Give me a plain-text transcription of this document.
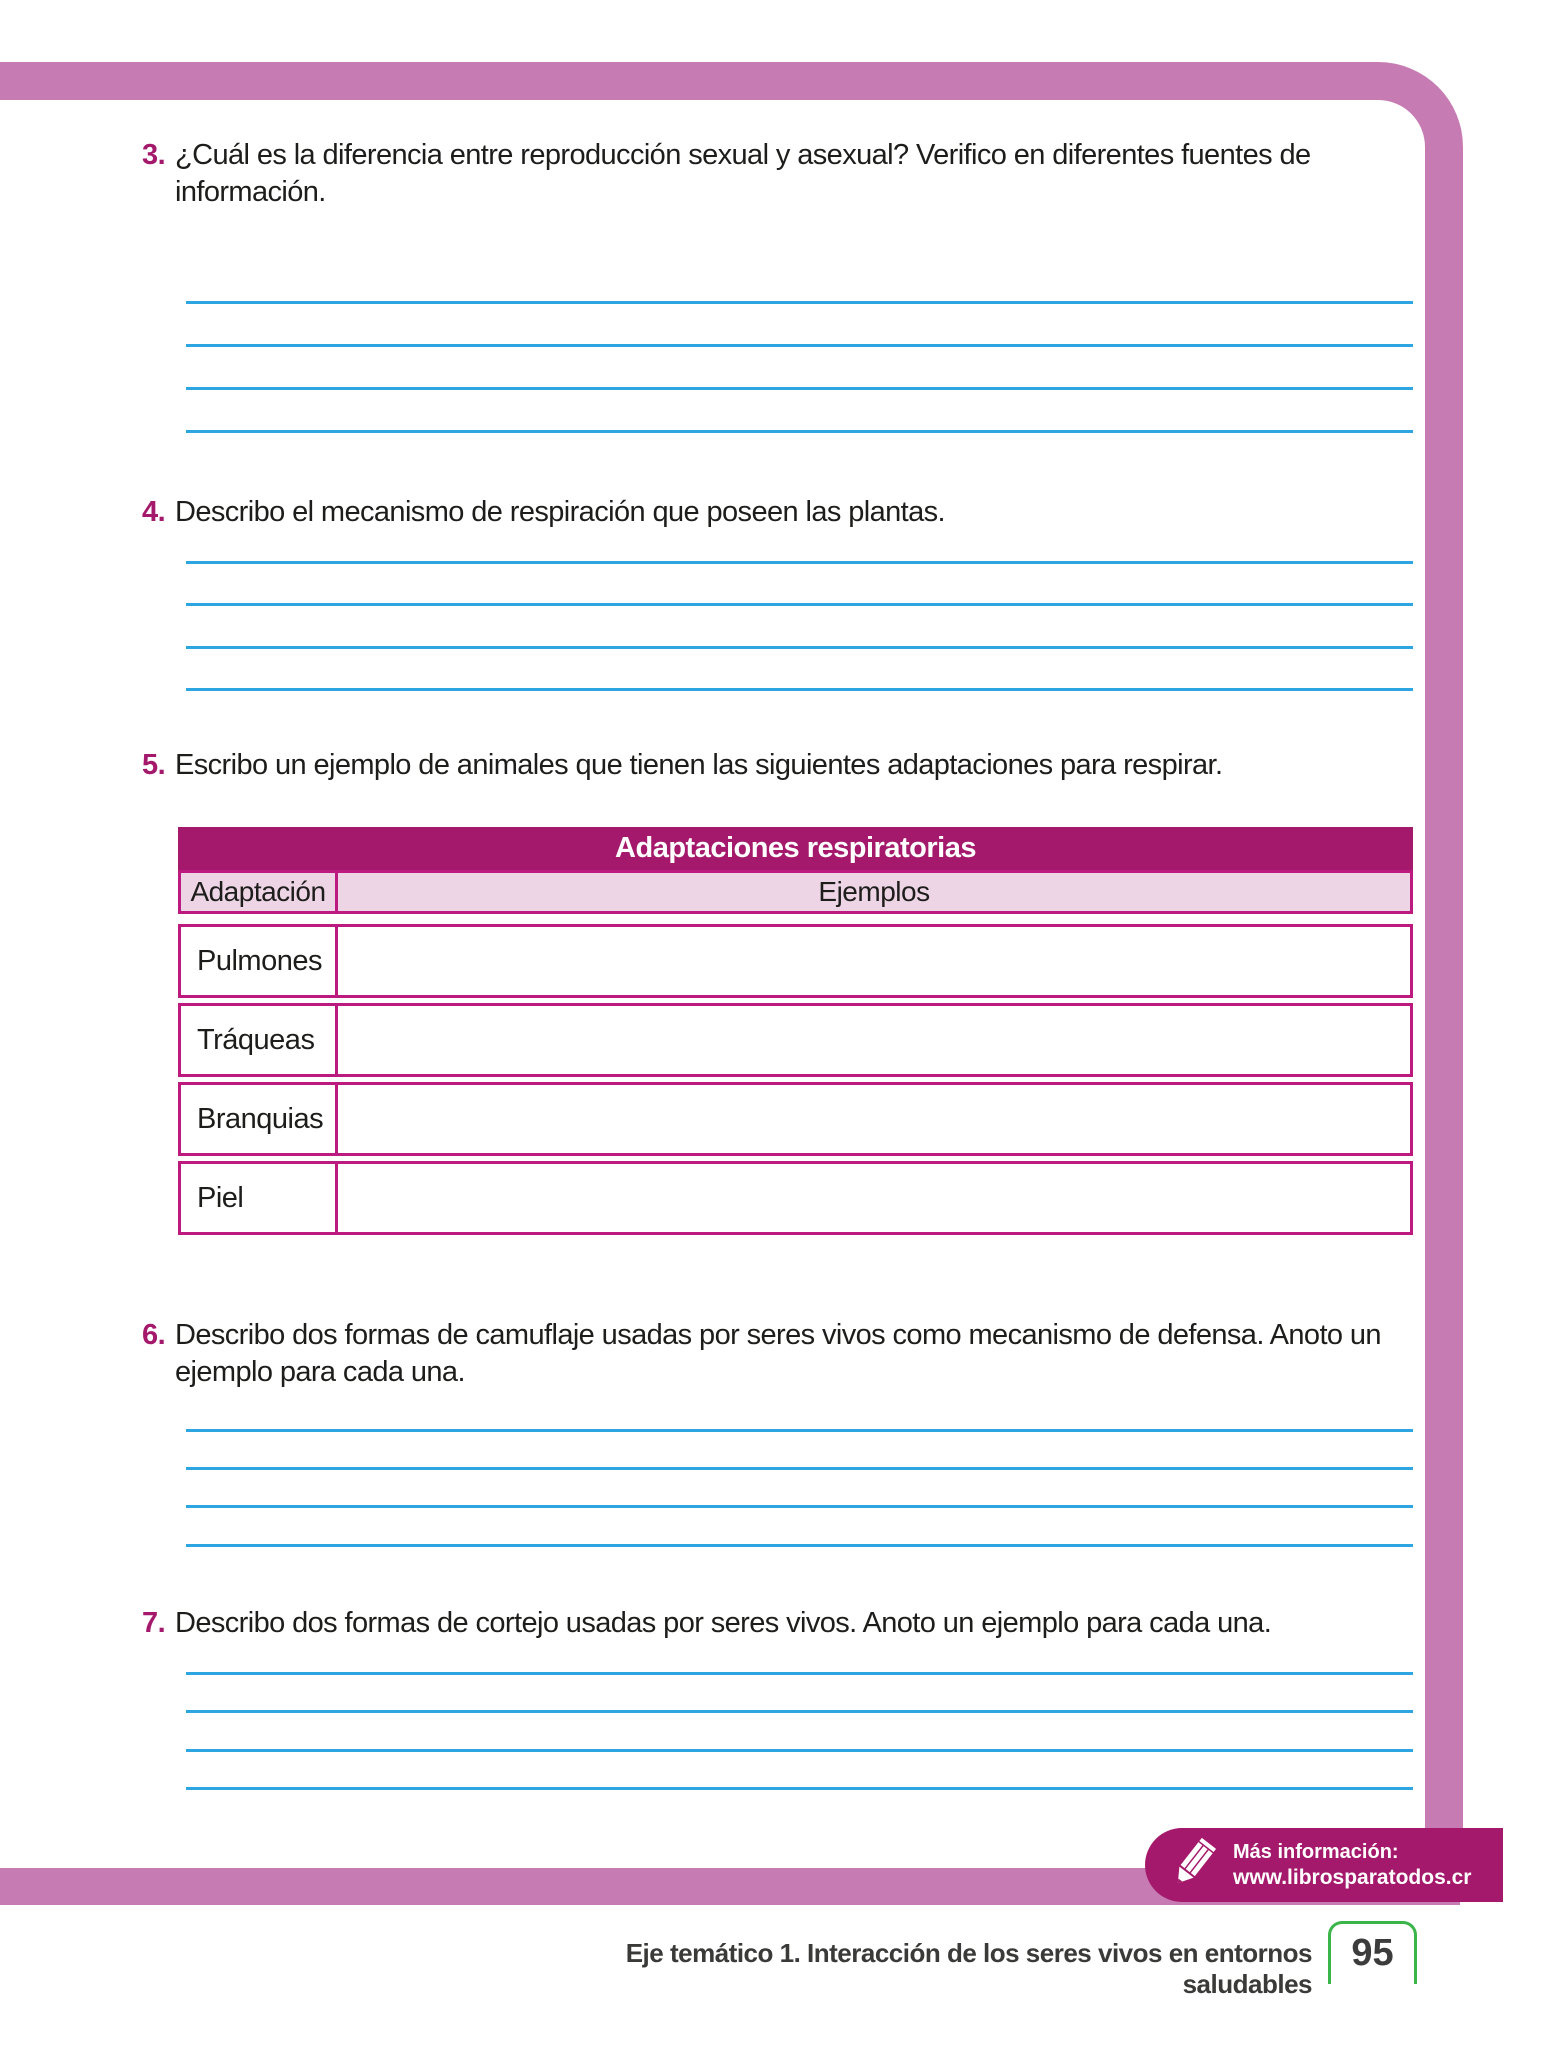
3. ¿Cuál es la diferencia entre reproducción sexual y asexual? Verifico en diferentes fuentes de información.
4. Describo el mecanismo de respiración que poseen las plantas.
5. Escribo un ejemplo de animales que tienen las siguientes adaptaciones para respirar.
Adaptaciones respiratorias
Adaptación	Ejemplos
Pulmones
Tráqueas
Branquias
Piel
6. Describo dos formas de camuflaje usadas por seres vivos como mecanismo de defensa. Anoto un ejemplo para cada una.
7. Describo dos formas de cortejo usadas por seres vivos. Anoto un ejemplo para cada una.
Más información:
www.librosparatodos.cr
Eje temático 1. Interacción de los seres vivos en entornos saludables
95
